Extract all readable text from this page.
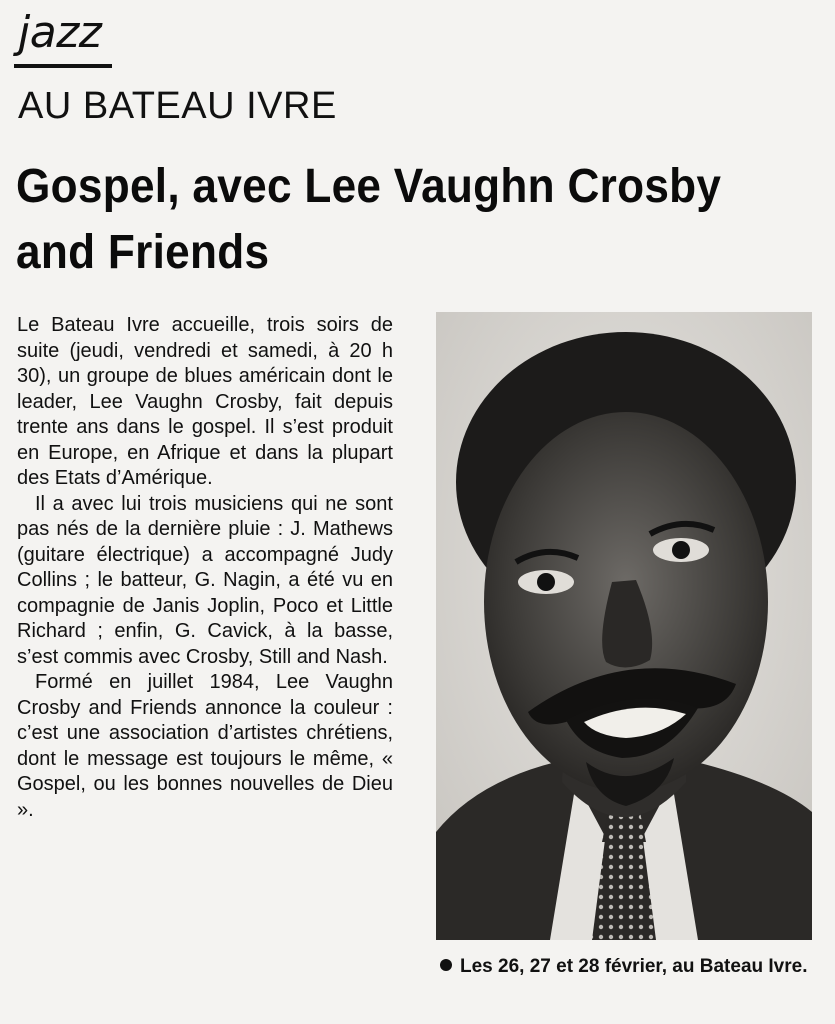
jazz
AU BATEAU IVRE
Gospel, avec Lee Vaughn Crosby
and Friends

Le Bateau Ivre accueille, trois soirs de suite (jeudi, vendredi et samedi, à 20 h 30), un groupe de blues américain dont le leader, Lee Vaughn Crosby, fait depuis trente ans dans le gospel. Il s’est produit en Europe, en Afrique et dans la plupart des Etats d’Amérique.

Il a avec lui trois musiciens qui ne sont pas nés de la dernière pluie : J. Mathews (guitare électrique) a accompagné Judy Collins ; le batteur, G. Nagin, a été vu en compagnie de Janis Joplin, Poco et Little Richard ; enfin, G. Cavick, à la basse, s’est commis avec Crosby, Still and Nash.

Formé en juillet 1984, Lee Vaughn Crosby and Friends annonce la couleur : c’est une association d’artistes chrétiens, dont le message est toujours le même, « Gospel, ou les bonnes nouvelles de Dieu ».

Les 26, 27 et 28 février, au Bateau Ivre.
